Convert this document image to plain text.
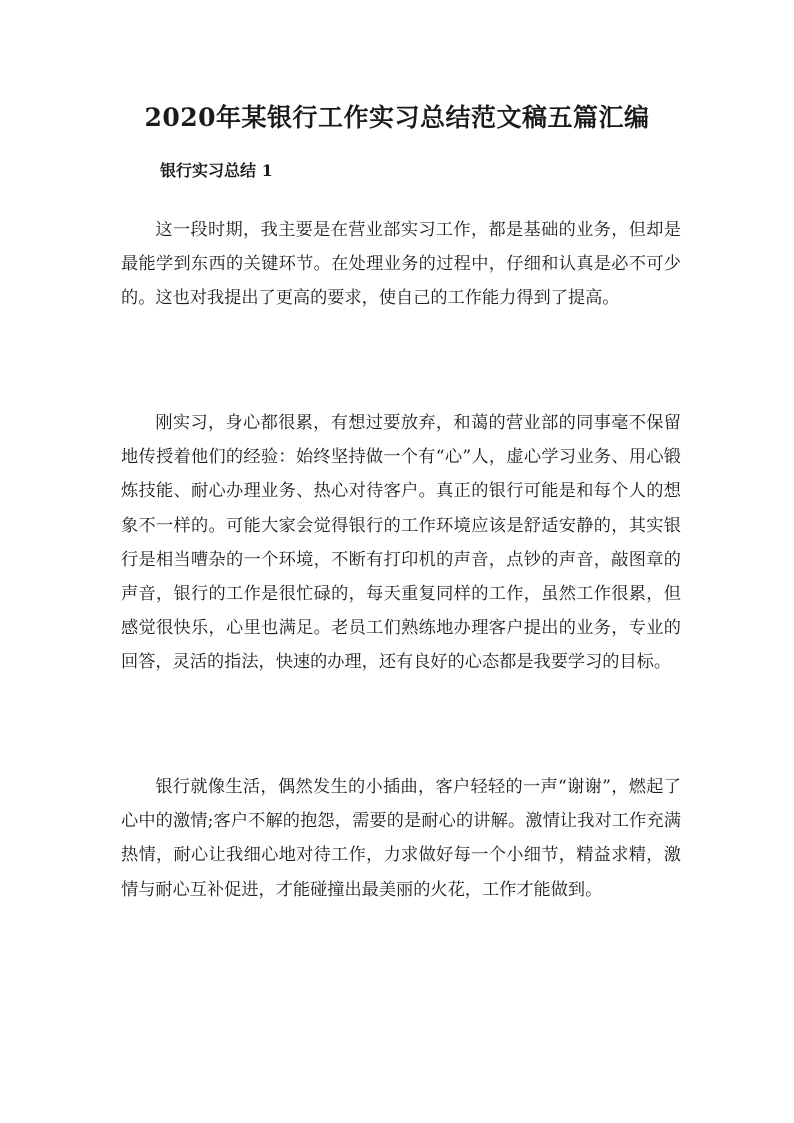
2020年某银行工作实习总结范文稿五篇汇编
银行实习总结 1

这一段时期，我主要是在营业部实习工作，都是基础的业务，但却是最能学到东西的关键环节。在处理业务的过程中，仔细和认真是必不可少的。这也对我提出了更高的要求，使自己的工作能力得到了提高。

刚实习，身心都很累，有想过要放弃，和蔼的营业部的同事毫不保留地传授着他们的经验：始终坚持做一个有“心”人，虚心学习业务、用心锻炼技能、耐心办理业务、热心对待客户。真正的银行可能是和每个人的想象不一样的。可能大家会觉得银行的工作环境应该是舒适安静的，其实银行是相当嘈杂的一个环境，不断有打印机的声音，点钞的声音，敲图章的声音，银行的工作是很忙碌的，每天重复同样的工作，虽然工作很累，但感觉很快乐，心里也满足。老员工们熟练地办理客户提出的业务，专业的回答，灵活的指法，快速的办理，还有良好的心态都是我要学习的目标。

银行就像生活，偶然发生的小插曲，客户轻轻的一声“谢谢”，燃起了心中的激情;客户不解的抱怨，需要的是耐心的讲解。激情让我对工作充满热情，耐心让我细心地对待工作，力求做好每一个小细节，精益求精，激情与耐心互补促进，才能碰撞出最美丽的火花，工作才能做到。
